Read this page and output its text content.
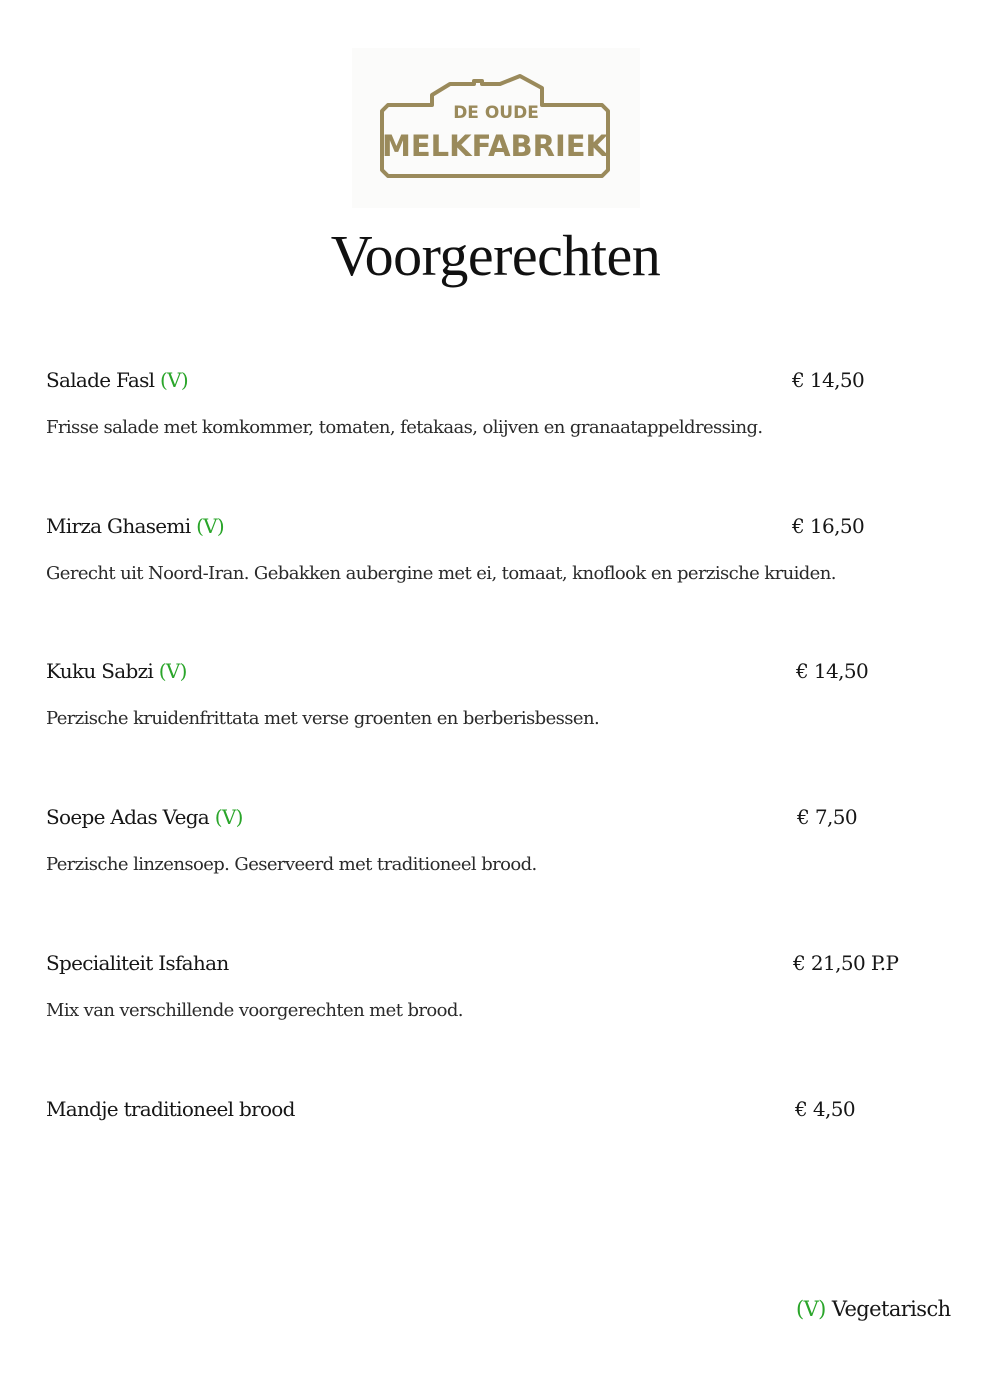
DE OUDE
MELKFABRIEK
Voorgerechten
Salade Fasl (V)	€ 14,50
Frisse salade met komkommer, tomaten, fetakaas, olijven en granaatappeldressing.
Mirza Ghasemi (V)	€ 16,50
Gerecht uit Noord-Iran. Gebakken aubergine met ei, tomaat, knoflook en perzische kruiden.
Kuku Sabzi (V)	€ 14,50
Perzische kruidenfrittata met verse groenten en berberisbessen.
Soepe Adas Vega (V)	€ 7,50
Perzische linzensoep. Geserveerd met traditioneel brood.
Specialiteit Isfahan	€ 21,50 P.P
Mix van verschillende voorgerechten met brood.
Mandje traditioneel brood	€ 4,50
(V) Vegetarisch
